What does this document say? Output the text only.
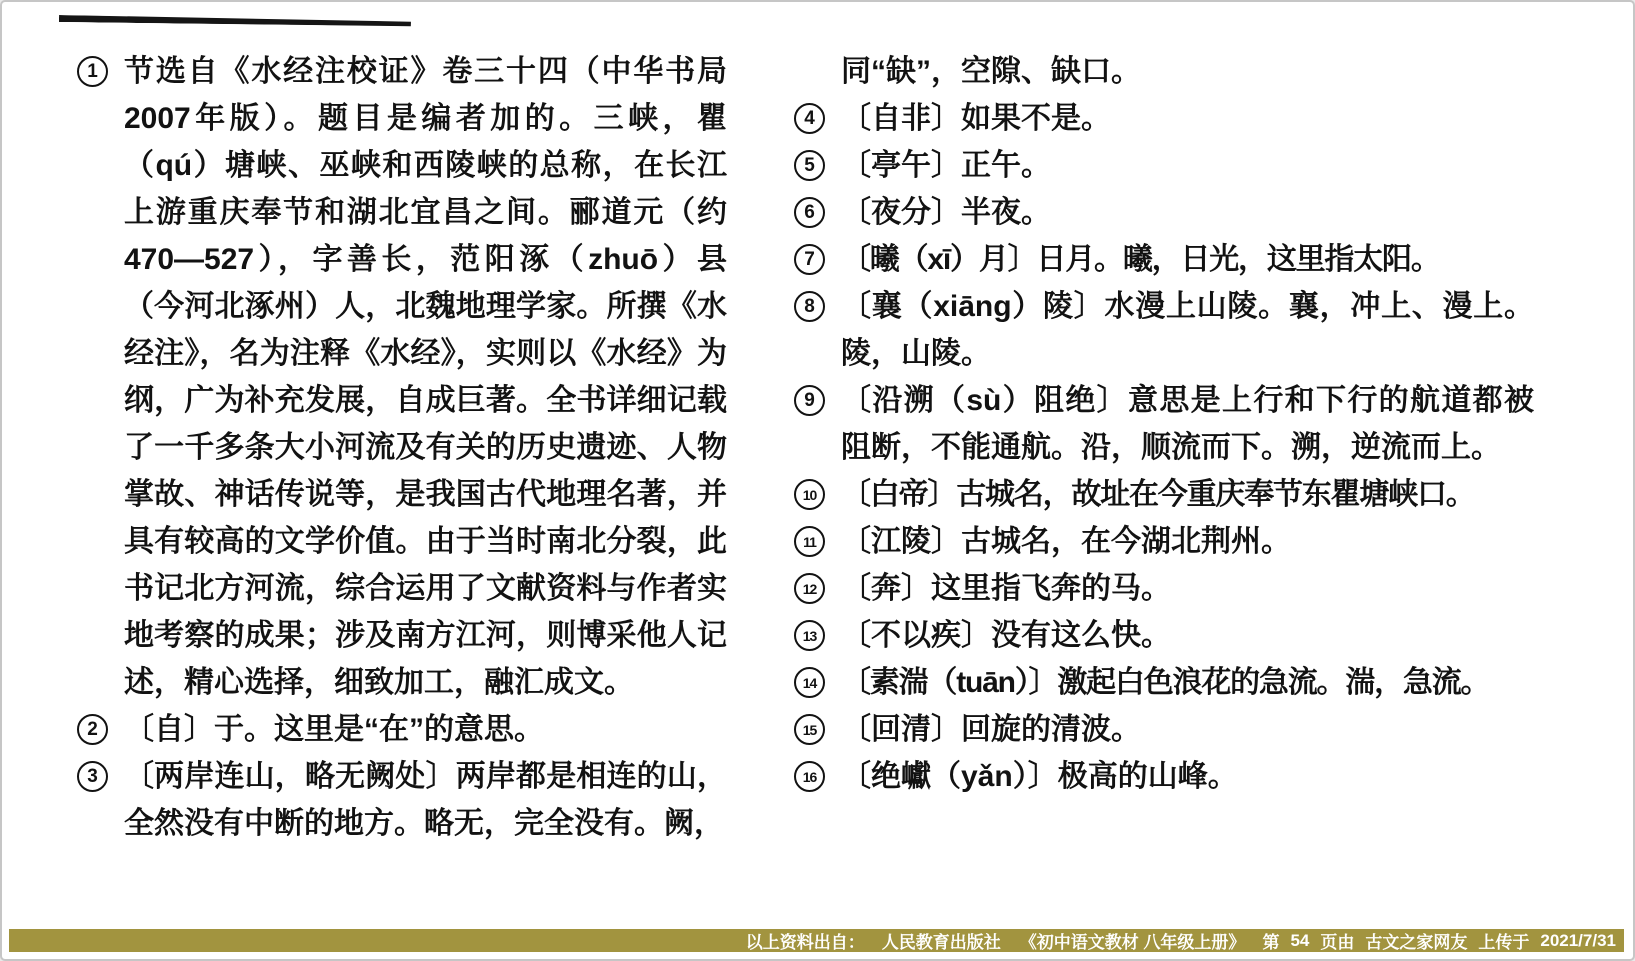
1 节选自《水经注校证》卷三十四（中华书局2007年版）。题目是编者加的。三峡，瞿（qú）塘峡、巫峡和西陵峡的总称，在长江上游重庆奉节和湖北宜昌之间。郦道元（约470—527），字善长，范阳涿（zhuō）县（今河北涿州）人，北魏地理学家。所撰《水经注》，名为注释《水经》，实则以《水经》为纲，广为补充发展，自成巨著。全书详细记载了一千多条大小河流及有关的历史遗迹、人物掌故、神话传说等，是我国古代地理名著，并具有较高的文学价值。由于当时南北分裂，此书记北方河流，综合运用了文献资料与作者实地考察的成果；涉及南方江河，则博采他人记述，精心选择，细致加工，融汇成文。
2 〔自〕于。这里是“在”的意思。
3 〔两岸连山，略无阙处〕两岸都是相连的山，全然没有中断的地方。略无，完全没有。阙，
同“缺”，空隙、缺口。
4 〔自非〕如果不是。
5 〔亭午〕正午。
6 〔夜分〕半夜。
7 〔曦（xī）月〕日月。曦，日光，这里指太阳。
8 〔襄（xiāng）陵〕水漫上山陵。襄，冲上、漫上。陵，山陵。
9 〔沿溯（sù）阻绝〕意思是上行和下行的航道都被阻断，不能通航。沿，顺流而下。溯，逆流而上。
10 〔白帝〕古城名，故址在今重庆奉节东瞿塘峡口。
11 〔江陵〕古城名，在今湖北荆州。
12 〔奔〕这里指飞奔的马。
13 〔不以疾〕没有这么快。
14 〔素湍（tuān）〕激起白色浪花的急流。湍，急流。
15 〔回清〕回旋的清波。
16 〔绝巘（yǎn）〕极高的山峰。
以上资料出自： 人民教育出版社 《初中语文教材 八年级上册》 第 54 页由 古文之家网友 上传于 2021/7/31
